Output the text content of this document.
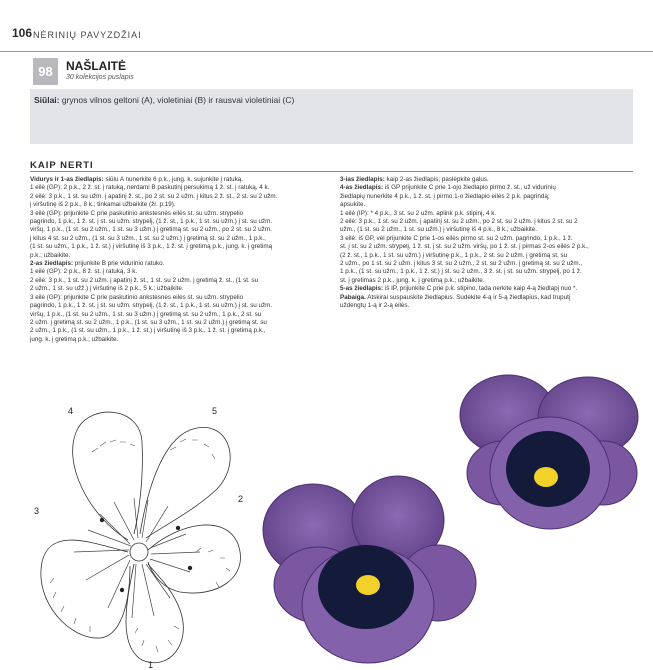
106 NĖRINIŲ PAVYZDŽIAI
98	NAŠLAITĖ
30 kolekcijos puslapis
Siūlai: grynos vilnos geltoni (A), violetiniai (B) ir rausvai violetiniai (C)
KAIP NERTI

Vidurys ir 1-as žiedlapis: siūlu A nunerkite 6 p.k., jung. k. sujunkite į ratuką.

1 eilė (GP): 2 p.k., 2 ž. st. į ratuką, nerdami B paskutinį persukimą 1 ž. st. į ratuką, 4 k.

2 eilė: 3 p.k., 1 st. su užm. į apatinį ž. st., po 2 st. su 2 užm. į kitus 2 ž. st., 2 st. su 2 užm.

į viršutinę iš 2 p.k., 8 k.; tinkamai užbaikite (žr. p.19).

3 eilė (GP): prijunkite C prie paskutinio ankstesnės eilės st. su užm. strypelio

pagrindo, 1 p.k., 1 ž. st. į st. su užm. strypelį, (1 ž. st., 1 p.k., 1 st. su užm.) į st. su užm.

viršų, 1 p.k., (1 st. su 2 užm., 1 st. su 3 užm.) į gretimą st. su 2 užm., po 2 st. su 2 užm.

į kitus 4 st. su 2 užm., (1 st. su 3 užm., 1 st. su 2 užm.) į gretimą st. su 2 užm., 1 p.k.,

(1 st. su užm., 1 p.k., 1 ž. st.) į viršutinę iš 3 p.k., 1 ž. st. į gretimą p.k., jung. k. į gretimą

p.k.; užbaikite.

2-as žiedlapis: prijunkite B prie vidurinio ratuko.

1 eilė (GP): 2 p.k., 8 ž. st. į ratuką, 3 k.

2 eilė: 3 p.k., 1 st. su 2 užm. į apatinį ž. st., 1 st. su 2 užm. į gretimą ž. st., (1 st. su

2 užm., 1 st. su užž.) į viršutinę iš 2 p.k., 5 k.; užbaikite.

3 eilė (GP): prijunkite C prie paskutinio ankstesnės eilės st. su užm. strypelio

pagrindo, 1 p.k., 1 ž. st. į st. su užm. strypelį, (1 ž. st., 1 p.k., 1 st. su užm.) į st. su užm.

viršų, 1 p.k., (1 st. su 2 užm., 1 st. su 3 užm.) į gretimą st. su 2 užm., 1 p.k., 2 st. su

2 užm. į gretimą st. su 2 užm., 1 p.k., (1 st. su 3 užm., 1 st. su 2 užm.) į gretimą st. su

2 užm., 1 p.k., (1 st. su užm., 1 p.k., 1 ž. st.) į viršutinę iš 3 p.k., 1 ž. st. į gretimą p.k.,

jung. k. į gretimą p.k.; užbaikite.

3-ias žiedlapis: kaip 2-as žiedlapis; paslėpkite galus.

4-as žiedlapis: iš GP prijunkite C prie 1-ojo žiedlapio pirmo ž. st., už vidurinių

žiedlapių nunerkite 4 p.k., 1 ž. st. į pirmo 1-o žiedlapio eilės 2 p.k. pagrindą;

apsukite.

1 eilė (IP): * 4 p.k., 3 st. su 2 užm. aplink p.k. stipinį, 4 k.

2 eilė: 3 p.k., 1 st. su 2 užm. į apatinį st. su 2 užm., po 2 st. su 2 užm. į kitus 2 st. su 2

užm., (1 st. su 2 užm., 1 st. su užm.) į viršutinę iš 4 p.k., 8 k.; užbaikite.

3 eilė: iš GP, vėl prijunkite C prie 1-os eilės pirmo st. su 2 užm. pagrindo, 1 p.k., 1 ž.

st. į st. su 2 užm. strypelį, 1 ž. st. į st. su 2 užm. viršų, po 1 ž. st. į pirmas 2-os eilės 2 p.k.,

(2 ž. st., 1 p.k., 1 st. su užm.) į viršutinę p.k., 1 p.k., 2 st. su 2 užm. į gretimą st. su

2 užm., po 1 st. su 2 užm. į kitus 3 st. su 2 užm., 2 st. su 2 užm. į gretimą st. su 2 užm.,

1 p.k., (1 st. su užm., 1 p.k., 1 ž. st.) į st. su 2 užm., 3 ž. st. į st. su užm. strypelį, po 1 ž.

st. į gretimas 2 p.k., jung. k. į gretimą p.k.; užbaikite.

5-as žiedlapis: iš IP, prijunkite C prie p.k. stipino, tada nerkite kaip 4-ą žiedlapį nuo *.

Pabaiga. Atskirai suspauskite žiedlapius. Sudėkite 4-ą ir 5-ą žiedlapius, kad truputį

uždengtų 1-ą ir 2-ą eilės.

4	5
3
2
1
